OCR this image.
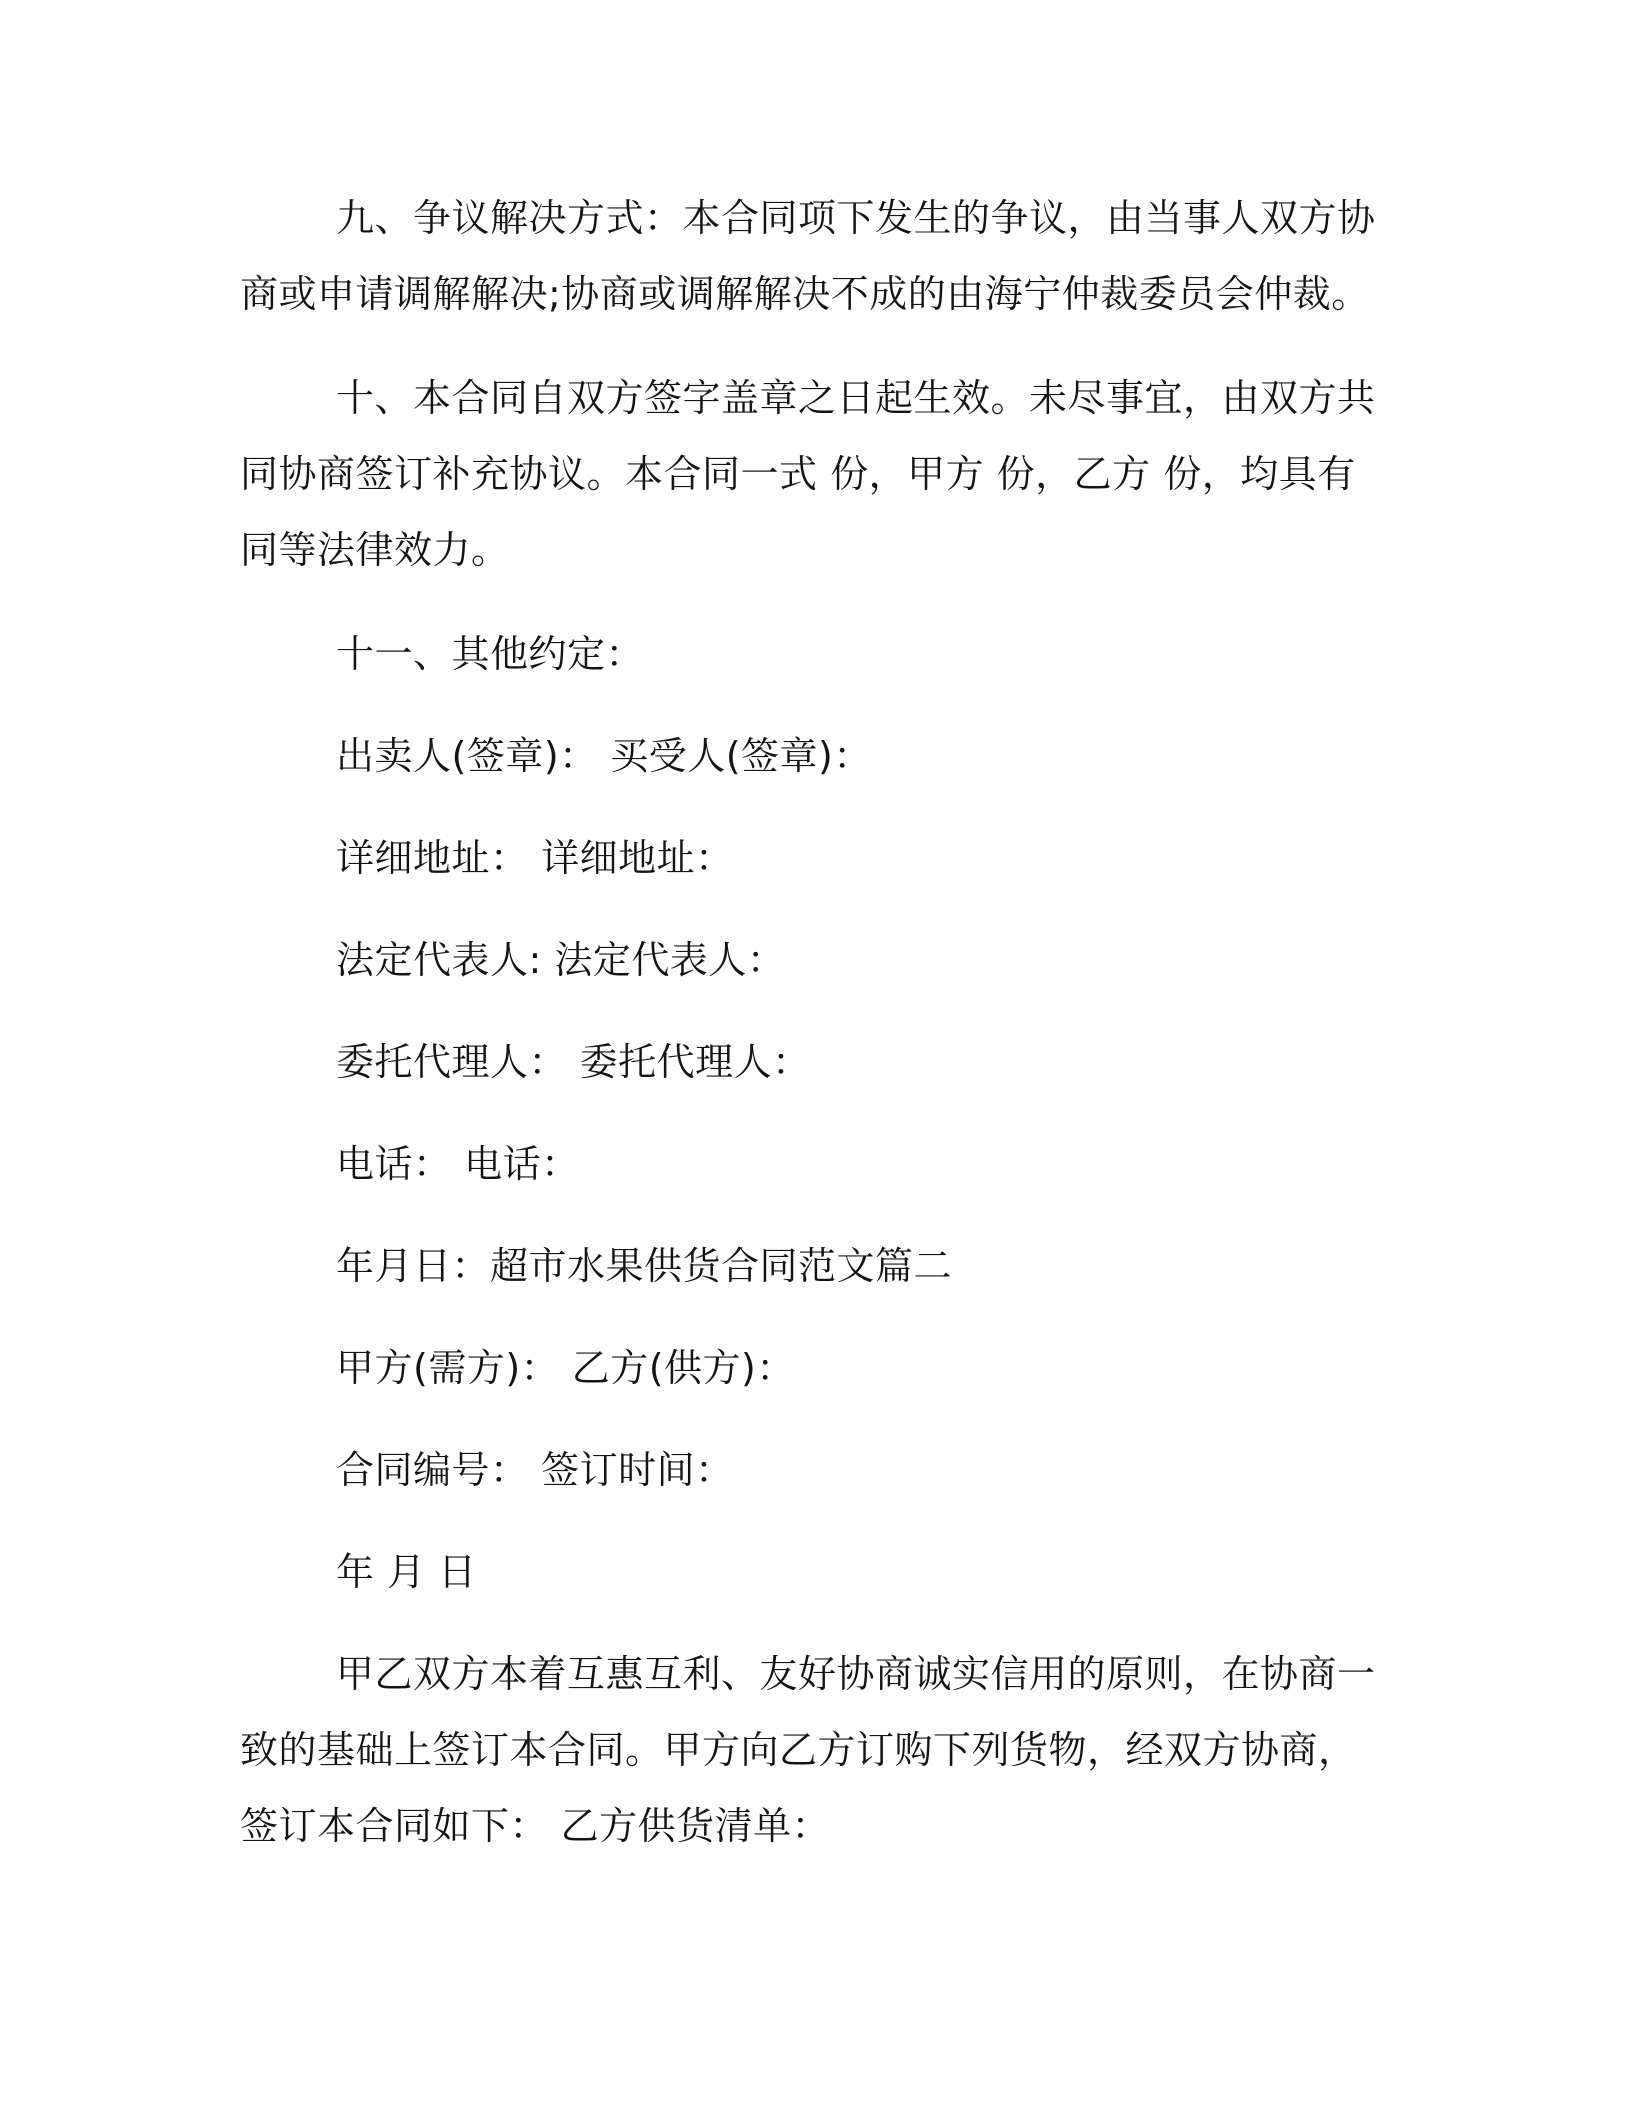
九、争议解决方式：本合同项下发生的争议，由当事人双方协商或申请调解解决;协商或调解解决不成的由海宁仲裁委员会仲裁。

十、本合同自双方签字盖章之日起生效。未尽事宜，由双方共同协商签订补充协议。本合同一式 份，甲方 份，乙方 份，均具有同等法律效力。

十一、其他约定：

出卖人(签章)： 买受人(签章)：

详细地址： 详细地址：

法定代表人: 法定代表人：

委托代理人： 委托代理人：

电话： 电话：

年月日：超市水果供货合同范文篇二

甲方(需方)： 乙方(供方)：

合同编号： 签订时间：

年 月 日

甲乙双方本着互惠互利、友好协商诚实信用的原则，在协商一致的基础上签订本合同。甲方向乙方订购下列货物，经双方协商，签订本合同如下： 乙方供货清单：
